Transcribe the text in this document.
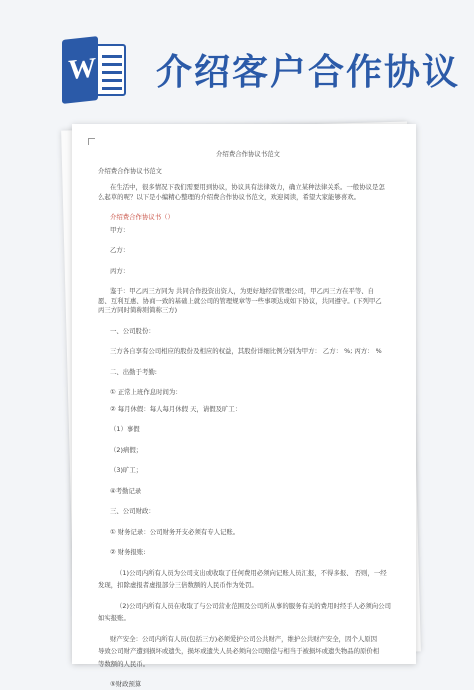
W 介绍客户合作协议

介绍费合作协议书范文

介绍费合作协议书范文

在生活中，很多情况下我们需要用到协议，协议具有法律效力，确立某种法律关系。一般协议是怎

么起草的呢？以下是小编精心整理的介绍费合作协议书范文，欢迎阅读，希望大家能够喜欢。

介绍费合作协议书（）

甲方：

乙方：

丙方：

鉴于：甲乙丙三方同为 共同合作投资出资人，为更好地经营管理公司，甲乙丙三方在平等、自

愿、互利互惠、协商一致的基础上就公司的管理规章等一些事项达成如下协议，共同遵守。(下列甲乙

丙三方同时简称则简称三方)

一、公司股份：

三方各自享有公司相应的股份及相应的权益，其股份详细比例分别为甲方： 乙方： %; 丙方： %

二、出勤于考勤:

① 正常上班作息时间为：

② 每月休假：每人每月休假 天，请假及旷工：

（1）事假

（2)病假；

（3)旷工；

④考勤记录

三、公司财政：

① 财务记录：公司财务开支必须有专人记账。

② 财务报账:

（1)公司内所有人员为公司支出或收取了任何费用必须向记账人员汇报，不得多报、 否则，一经

发现，扣除虚报者虚报部分三倍数额的人民币作为处罚。

（2)公司内所有人员在收取了与公司营业范围及公司所从事的服务有关的费用时经手人必须向公司

如实报账。

财产安全：公司内所有人员(包括三方)必须爱护公司公共财产，维护公共财产安全，因个人原因

导致公司财产遭到损坏或遗失，损坏或遗失人员必须向公司赔偿与相当于被损坏或遗失物品的原价相

等数额的人民币。

⑤财政预算
